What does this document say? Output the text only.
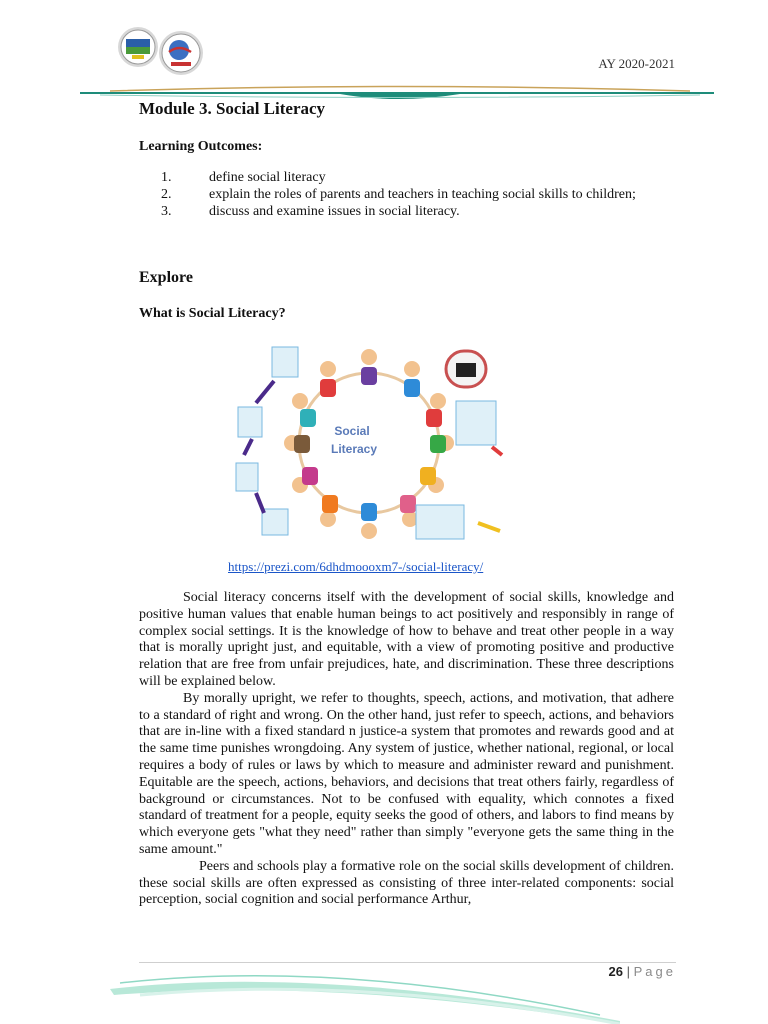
AY 2020-2021
Module 3. Social Literacy
Learning Outcomes:
1.	define social literacy
2.	explain the roles of parents and teachers in teaching social skills to children;
3.	discuss and examine issues in social literacy.
Explore
What is Social Literacy?
Social
Literacy
https://prezi.com/6dhdmoooxm7-/social-literacy/

Social literacy concerns itself with the development of social skills, knowledge and positive human values that enable human beings to act positively and responsibly in range of complex social settings. It is the knowledge of how to behave and treat other people in a way that is morally upright just, and equitable, with a view of promoting positive and productive relation that are free from unfair prejudices, hate, and discrimination. These three descriptions will be explained below.

By morally upright, we refer to thoughts, speech, actions, and motivation, that adhere to a standard of right and wrong. On the other hand, just refer to speech, actions, and behaviors that are in-line with a fixed standard n justice-a system that promotes and rewards good and at the same time punishes wrongdoing. Any system of justice, whether national, regional, or local requires a body of rules or laws by which to measure and administer reward and punishment. Equitable are the speech, actions, behaviors, and decisions that treat others fairly, regardless of background or circumstances. Not to be confused with equality, which connotes a fixed standard of treatment for a people, equity seeks the good of others, and labors to find means by which everyone gets "what they need" rather than simply "everyone gets the same thing in the same amount."

Peers and schools play a formative role on the social skills development of children. these social skills are often expressed as consisting of three inter-related components: social perception, social cognition and social performance Arthur,

26 | Page
